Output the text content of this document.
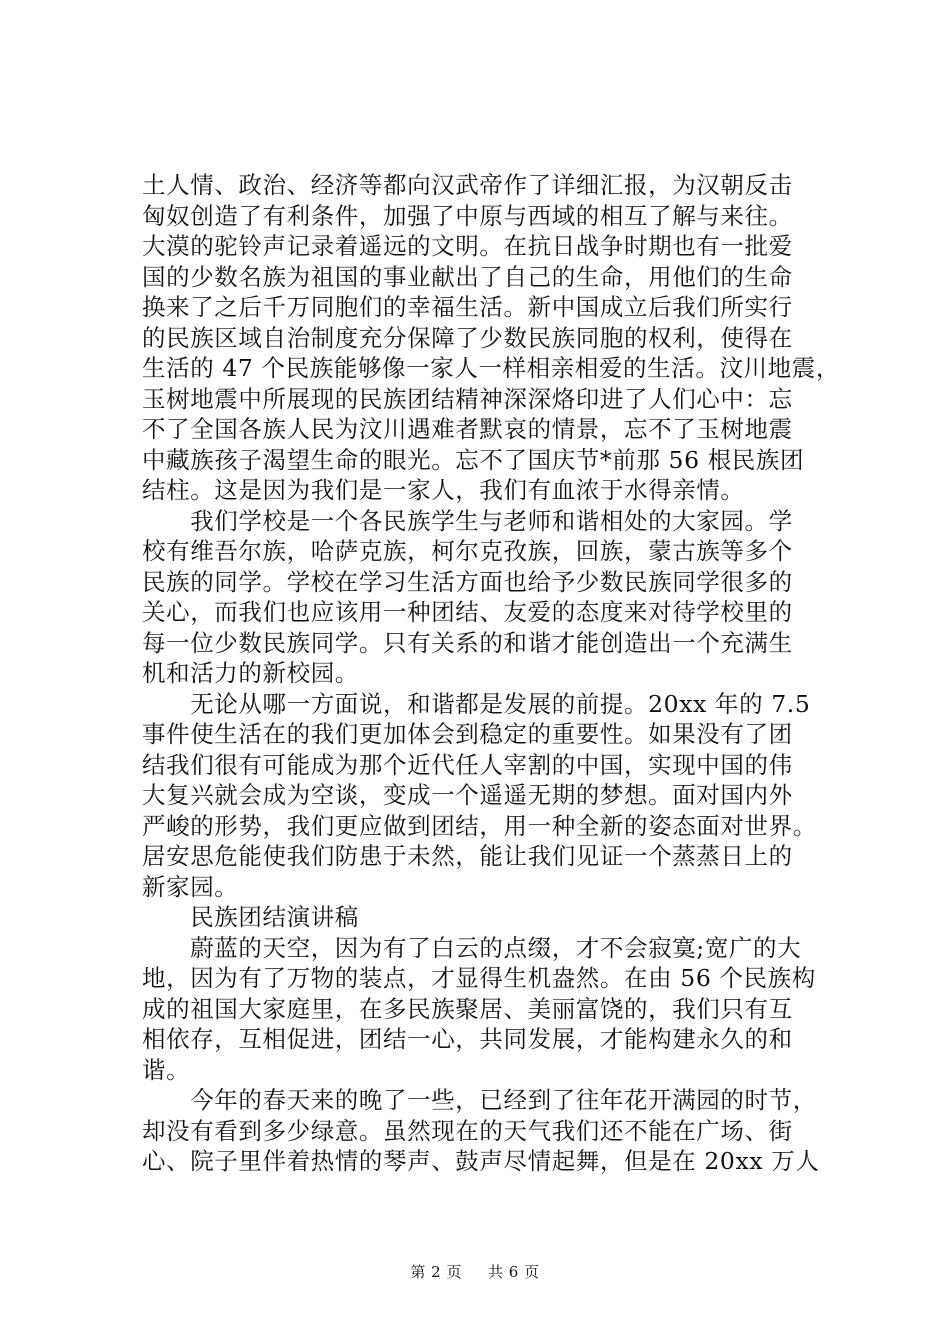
土人情、政治、经济等都向汉武帝作了详细汇报，为汉朝反击
匈奴创造了有利条件，加强了中原与西域的相互了解与来往。
大漠的驼铃声记录着遥远的文明。在抗日战争时期也有一批爱
国的少数名族为祖国的事业献出了自己的生命，用他们的生命
换来了之后千万同胞们的幸福生活。新中国成立后我们所实行
的民族区域自治制度充分保障了少数民族同胞的权利，使得在
生活的 47 个民族能够像一家人一样相亲相爱的生活。汶川地震，
玉树地震中所展现的民族团结精神深深烙印进了人们心中：忘
不了全国各族人民为汶川遇难者默哀的情景，忘不了玉树地震
中藏族孩子渴望生命的眼光。忘不了国庆节*前那 56 根民族团
结柱。这是因为我们是一家人，我们有血浓于水得亲情。
　　我们学校是一个各民族学生与老师和谐相处的大家园。学
校有维吾尔族，哈萨克族，柯尔克孜族，回族，蒙古族等多个
民族的同学。学校在学习生活方面也给予少数民族同学很多的
关心，而我们也应该用一种团结、友爱的态度来对待学校里的
每一位少数民族同学。只有关系的和谐才能创造出一个充满生
机和活力的新校园。
　　无论从哪一方面说，和谐都是发展的前提。20xx 年的 7.5
事件使生活在的我们更加体会到稳定的重要性。如果没有了团
结我们很有可能成为那个近代任人宰割的中国，实现中国的伟
大复兴就会成为空谈，变成一个遥遥无期的梦想。面对国内外
严峻的形势，我们更应做到团结，用一种全新的姿态面对世界。
居安思危能使我们防患于未然，能让我们见证一个蒸蒸日上的
新家园。
　　民族团结演讲稿
　　蔚蓝的天空，因为有了白云的点缀，才不会寂寞;宽广的大
地，因为有了万物的装点，才显得生机盎然。在由 56 个民族构
成的祖国大家庭里，在多民族聚居、美丽富饶的，我们只有互
相依存，互相促进，团结一心，共同发展，才能构建永久的和
谐。
　　今年的春天来的晚了一些，已经到了往年花开满园的时节，
却没有看到多少绿意。虽然现在的天气我们还不能在广场、街
心、院子里伴着热情的琴声、鼓声尽情起舞，但是在 20xx 万人
第 2 页   共 6 页
